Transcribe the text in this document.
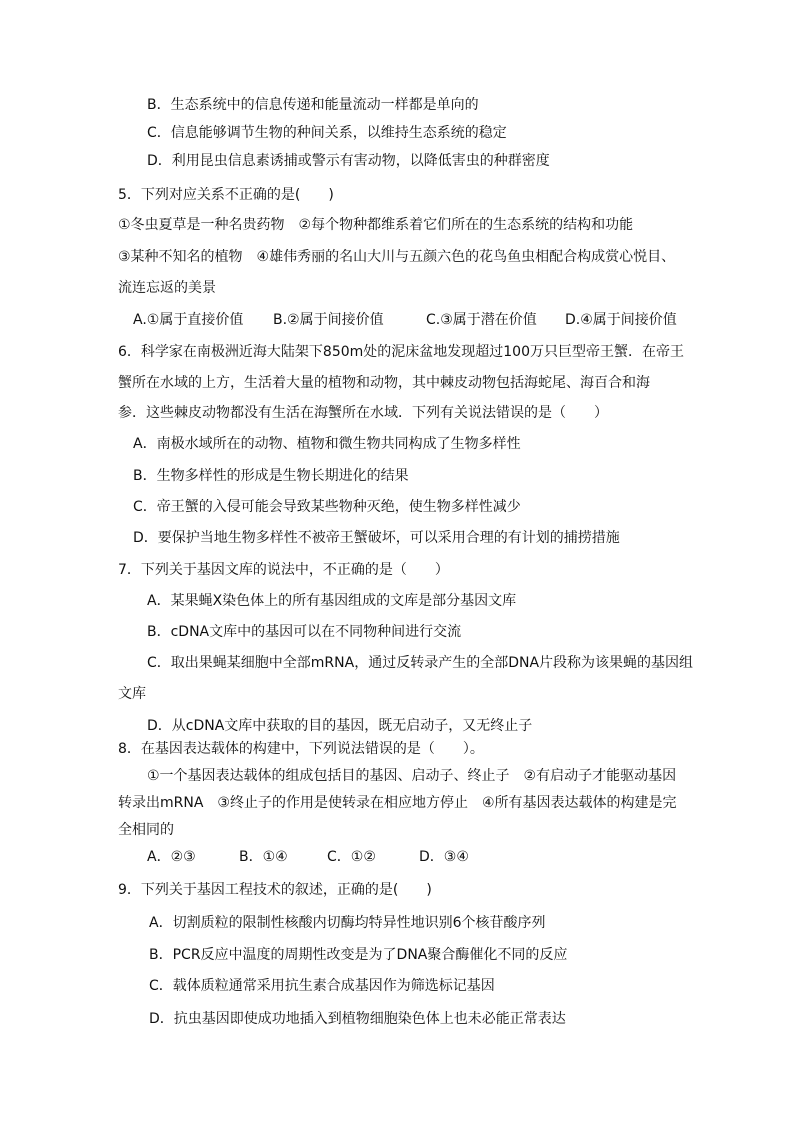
B．生态系统中的信息传递和能量流动一样都是单向的
C．信息能够调节生物的种间关系，以维持生态系统的稳定
D．利用昆虫信息素诱捕或警示有害动物，以降低害虫的种群密度
5．下列对应关系不正确的是(　　)
①冬虫夏草是一种名贵药物　②每个物种都维系着它们所在的生态系统的结构和功能
③某种不知名的植物　④雄伟秀丽的名山大川与五颜六色的花鸟鱼虫相配合构成赏心悦目、
流连忘返的美景
A.①属于直接价值 B.②属于间接价值	C.③属于潜在价值 D.④属于间接价值
6．科学家在南极洲近海大陆架下850m处的泥床盆地发现超过100万只巨型帝王蟹．在帝王
蟹所在水域的上方，生活着大量的植物和动物，其中棘皮动物包括海蛇尾、海百合和海
参．这些棘皮动物都没有生活在海蟹所在水域．下列有关说法错误的是（　　）
A．南极水域所在的动物、植物和微生物共同构成了生物多样性
B．生物多样性的形成是生物长期进化的结果
C．帝王蟹的入侵可能会导致某些物种灭绝，使生物多样性减少
D．要保护当地生物多样性不被帝王蟹破坏，可以采用合理的有计划的捕捞措施
7．下列关于基因文库的说法中，不正确的是（　　）
A．某果蝇X染色体上的所有基因组成的文库是部分基因文库
B．cDNA文库中的基因可以在不同物种间进行交流
C．取出果蝇某细胞中全部mRNA，通过反转录产生的全部DNA片段称为该果蝇的基因组
文库
D．从cDNA文库中获取的目的基因，既无启动子，又无终止子
8．在基因表达载体的构建中，下列说法错误的是（　　）。
①一个基因表达载体的组成包括目的基因、启动子、终止子　②有启动子才能驱动基因
转录出mRNA　③终止子的作用是使转录在相应地方停止　④所有基因表达载体的构建是完
全相同的
A．②③	B．①④	C．①②	D．③④
9．下列关于基因工程技术的叙述，正确的是(　　)
A．切割质粒的限制性核酸内切酶均特异性地识别6个核苷酸序列
B．PCR反应中温度的周期性改变是为了DNA聚合酶催化不同的反应
C．载体质粒通常采用抗生素合成基因作为筛选标记基因
D．抗虫基因即使成功地插入到植物细胞染色体上也未必能正常表达
